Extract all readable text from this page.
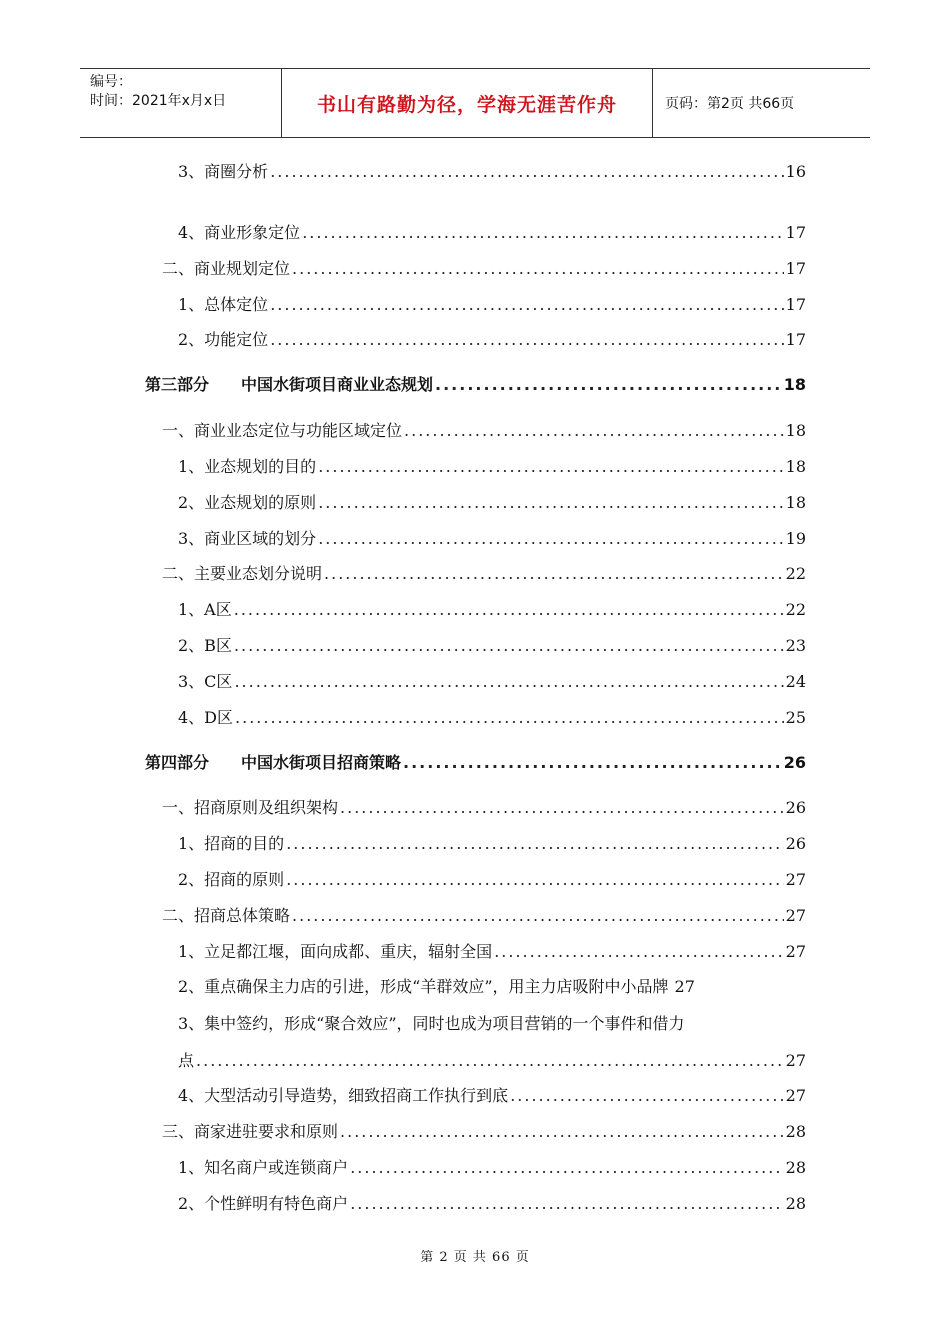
编号：
时间：2021年x月x日	书山有路勤为径，学海无涯苦作舟	页码：第2页 共66页
3、商圈分析 .....	16
4、商业形象定位 .....	17
二、商业规划定位 .....	17
1、总体定位 .....	17
2、功能定位 .....	17
第三部分　　中国水街项目商业业态规划 .....	18
一、商业业态定位与功能区域定位 .....	18
1、业态规划的目的 .....	18
2、业态规划的原则 .....	18
3、商业区域的划分 .....	19
二、主要业态划分说明 .....	22
1、A区 .....	22
2、B区 .....	23
3、C区 .....	24
4、D区 .....	25
第四部分　　中国水街项目招商策略 .....	26
一、招商原则及组织架构 .....	26
1、招商的目的 .....	26
2、招商的原则 .....	27
二、招商总体策略 .....	27
1、立足都江堰，面向成都、重庆，辐射全国 .....	27
2、重点确保主力店的引进，形成“羊群效应”，用主力店吸附中小品牌 27
3、集中签约，形成“聚合效应”，同时也成为项目营销的一个事件和借力
点 .....	27
4、大型活动引导造势，细致招商工作执行到底 .....	27
三、商家进驻要求和原则 .....	28
1、知名商户或连锁商户 .....	28
2、个性鲜明有特色商户 .....	28
第 2 页 共 66 页
